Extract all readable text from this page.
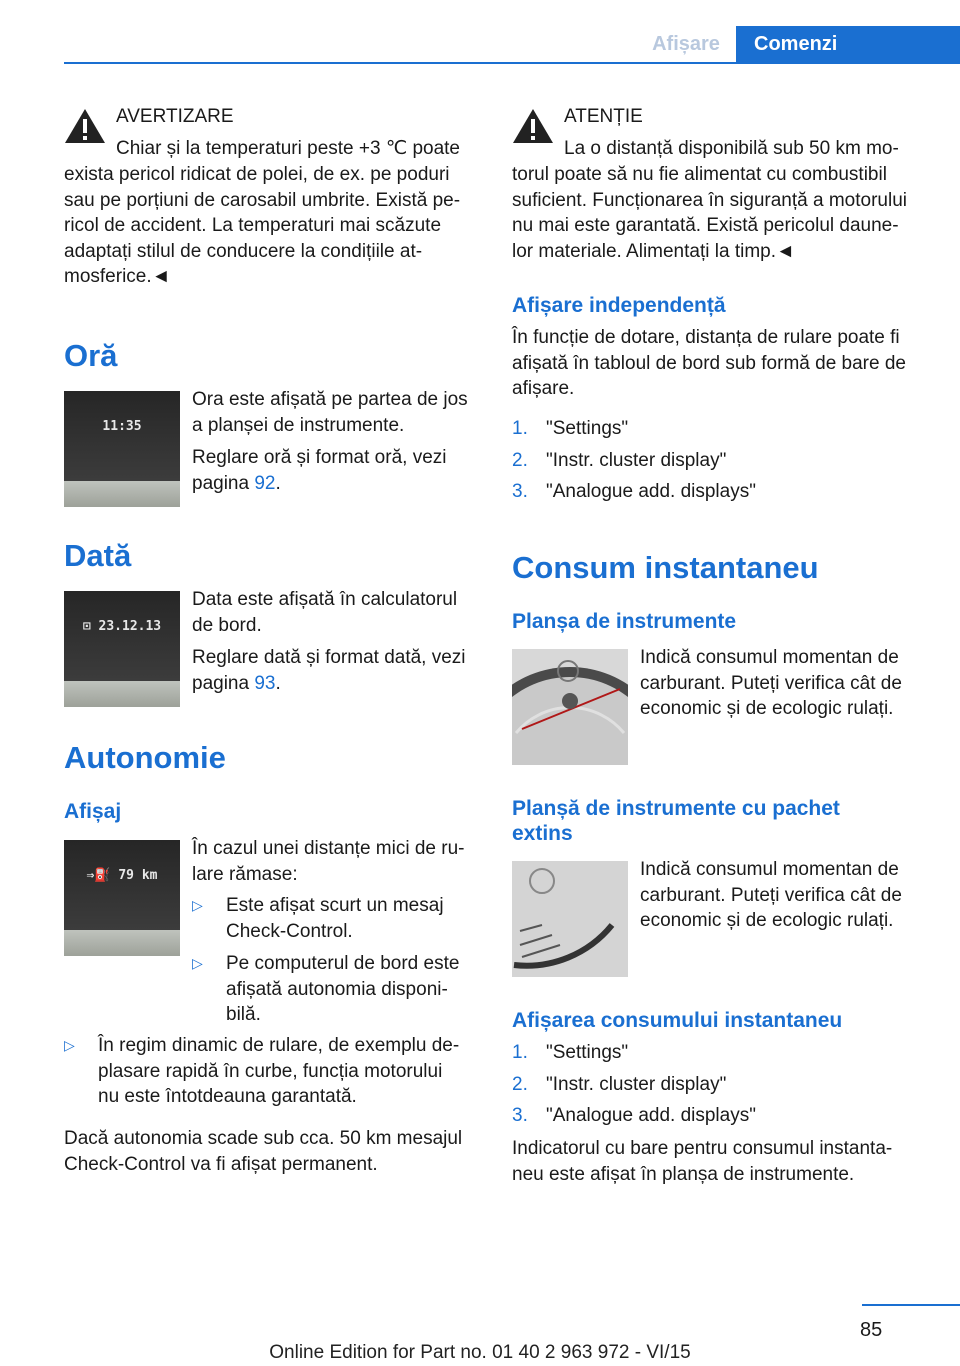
Afișare	Comenzi
AVERTIZARE
Chiar și la temperaturi peste +3 ℃ poate
exista pericol ridicat de polei, de ex. pe poduri
sau pe porțiuni de carosabil umbrite. Există pe-
ricol de accident. La temperaturi mai scăzute
adaptați stilul de conducere la condițiile at-
mosferice.◄
Oră
11:35
Ora este afișată pe partea de jos
a planșei de instrumente.
Reglare oră și format oră, vezi
pagina 92.
Dată
⊡ 23.12.13
Data este afișată în calculatorul
de bord.
Reglare dată și format dată, vezi
pagina 93.
Autonomie
Afișaj
⇒⛽ 79 km
În cazul unei distanțe mici de ru-
lare rămase:
▷	Este afișat scurt un mesaj
Check-Control.
▷	Pe computerul de bord este
afișată autonomia disponi-
bilă.
▷	În regim dinamic de rulare, de exemplu de-
plasare rapidă în curbe, funcția motorului
nu este întotdeauna garantată.
Dacă autonomia scade sub cca. 50 km mesajul
Check-Control va fi afișat permanent.
ATENȚIE
La o distanță disponibilă sub 50 km mo-
torul poate să nu fie alimentat cu combustibil
suficient. Funcționarea în siguranță a motorului
nu mai este garantată. Există pericolul daune-
lor materiale. Alimentați la timp.◄
Afișare independență
În funcție de dotare, distanța de rulare poate fi
afișată în tabloul de bord sub formă de bare de
afișare.
1. "Settings"
2. "Instr. cluster display"
3. "Analogue add. displays"
Consum instantaneu
Planșa de instrumente
Indică consumul momentan de
carburant. Puteți verifica cât de
economic și de ecologic rulați.
Planșă de instrumente cu pachet
extins
Indică consumul momentan de
carburant. Puteți verifica cât de
economic și de ecologic rulați.
Afișarea consumului instantaneu
1. "Settings"
2. "Instr. cluster display"
3. "Analogue add. displays"
Indicatorul cu bare pentru consumul instanta-
neu este afișat în planșa de instrumente.
85
Online Edition for Part no. 01 40 2 963 972 - VI/15
